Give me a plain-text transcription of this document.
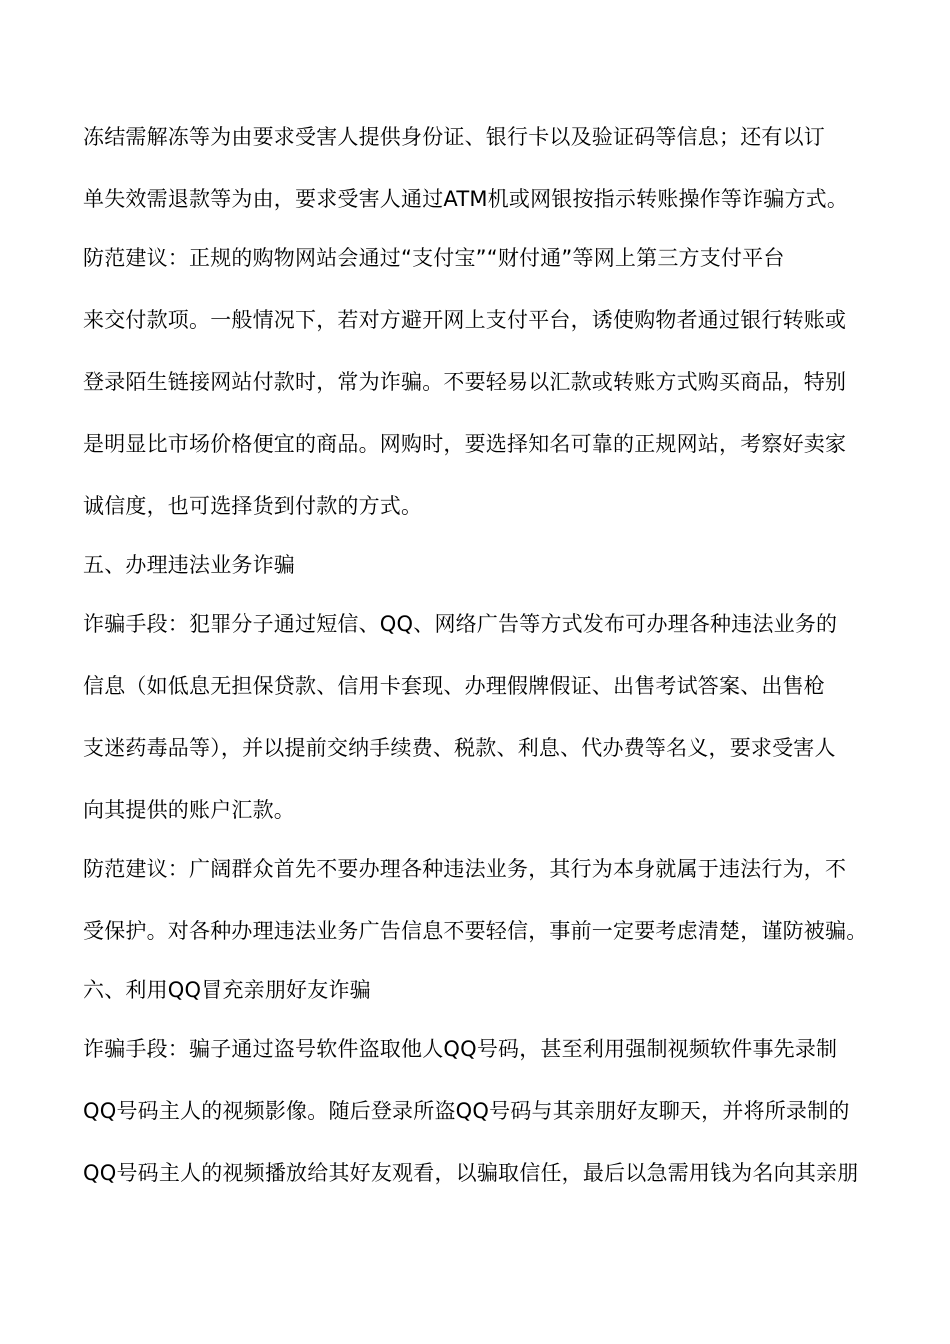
冻结需解冻等为由要求受害人提供身份证、银行卡以及验证码等信息；还有以订
单失效需退款等为由，要求受害人通过ATM机或网银按指示转账操作等诈骗方式。
防范建议：正规的购物网站会通过“支付宝”“财付通”等网上第三方支付平台
来交付款项。一般情况下，若对方避开网上支付平台，诱使购物者通过银行转账或
登录陌生链接网站付款时，常为诈骗。不要轻易以汇款或转账方式购买商品，特别
是明显比市场价格便宜的商品。网购时，要选择知名可靠的正规网站，考察好卖家
诚信度，也可选择货到付款的方式。
五、办理违法业务诈骗
诈骗手段：犯罪分子通过短信、QQ、网络广告等方式发布可办理各种违法业务的
信息（如低息无担保贷款、信用卡套现、办理假牌假证、出售考试答案、出售枪
支迷药毒品等），并以提前交纳手续费、税款、利息、代办费等名义，要求受害人
向其提供的账户汇款。
防范建议：广阔群众首先不要办理各种违法业务，其行为本身就属于违法行为，不
受保护。对各种办理违法业务广告信息不要轻信，事前一定要考虑清楚，谨防被骗。
六、利用QQ冒充亲朋好友诈骗
诈骗手段：骗子通过盗号软件盗取他人QQ号码，甚至利用强制视频软件事先录制
QQ号码主人的视频影像。随后登录所盗QQ号码与其亲朋好友聊天，并将所录制的
QQ号码主人的视频播放给其好友观看，以骗取信任，最后以急需用钱为名向其亲朋
